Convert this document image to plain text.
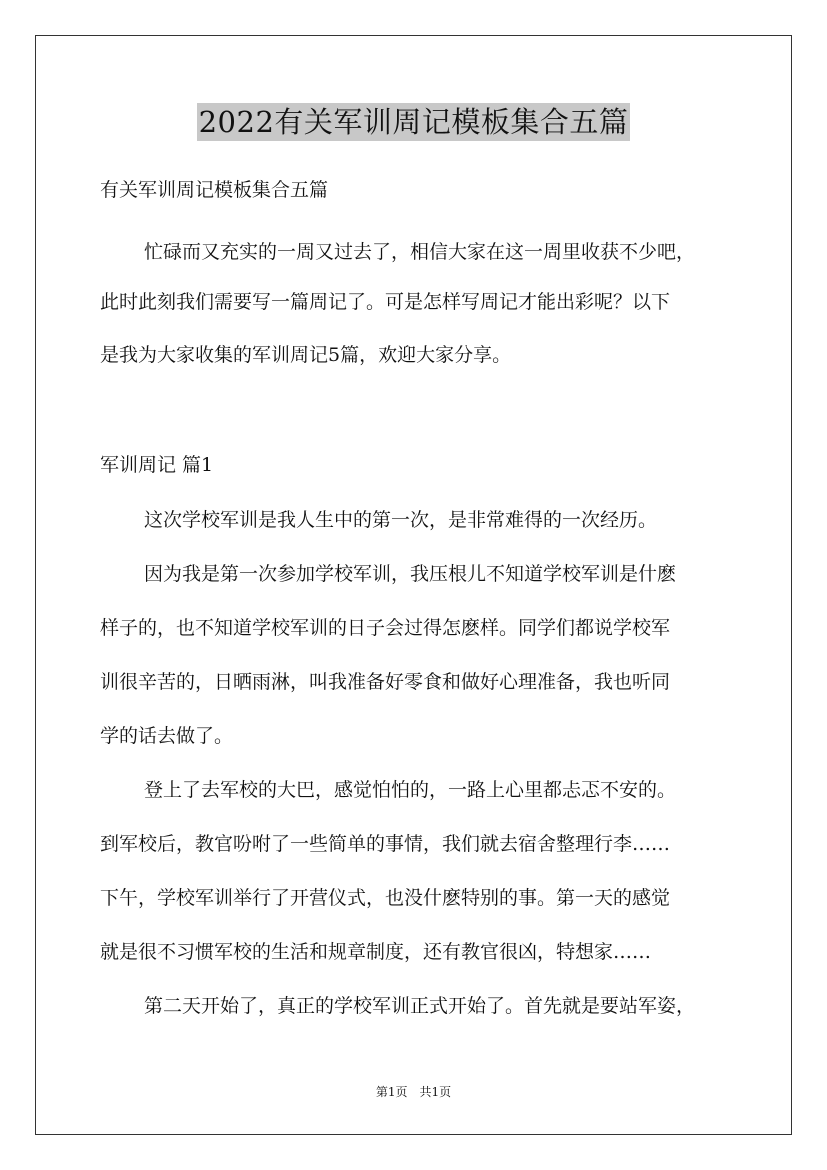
2022有关军训周记模板集合五篇
有关军训周记模板集合五篇
忙碌而又充实的一周又过去了，相信大家在这一周里收获不少吧，
此时此刻我们需要写一篇周记了。可是怎样写周记才能出彩呢？以下
是我为大家收集的军训周记5篇，欢迎大家分享。
军训周记 篇1
这次学校军训是我人生中的第一次，是非常难得的一次经历。
因为我是第一次参加学校军训，我压根儿不知道学校军训是什麽
样子的，也不知道学校军训的日子会过得怎麽样。同学们都说学校军
训很辛苦的，日晒雨淋，叫我准备好零食和做好心理准备，我也听同
学的话去做了。
登上了去军校的大巴，感觉怕怕的，一路上心里都忐忑不安的。
到军校后，教官吩咐了一些简单的事情，我们就去宿舍整理行李……
下午，学校军训举行了开营仪式，也没什麽特别的事。第一天的感觉
就是很不习惯军校的生活和规章制度，还有教官很凶，特想家……
第二天开始了，真正的学校军训正式开始了。首先就是要站军姿，
第1页　共1页
